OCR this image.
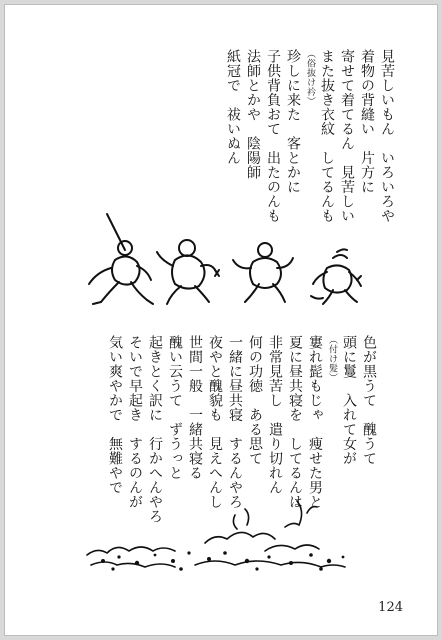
見苦しいもん　いろいろや
着物の背縫い　片方に
寄せて着てるん　見苦しい
また抜き衣紋　してるんも
（俗抜け衿）
珍しに来た　客とかに
子供背負おて　出たのんも
法師とかや　陰陽師
紙冠で　祓いぬん
色が黒うて　醜うて
頭に鬘　入れて女が
（付け髪）
寠れ髭もじゃ　痩せた男と
夏に昼共寝を　してるんは
非常見苦し　遣り切れん
何の功徳　ある思て
一緒に昼共寝　するんやろ
夜やと醜貌も　見えへんし
世間一般　一緒共寝る
醜い云うて　ずうっと
起きとく訳に　行かへんやろ
そいで早起き　するのんが
気い爽やかで　無難やで
124
